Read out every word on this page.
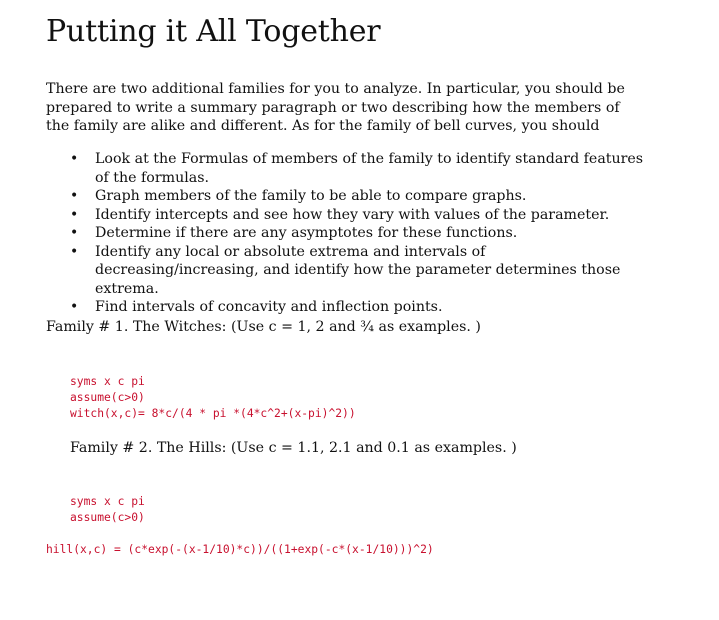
Putting it All Together

There are two additional families for you to analyze. In particular, you should be prepared to write a summary paragraph or two describing how the members of the family are alike and different. As for the family of bell curves, you should

• Look at the Formulas of members of the family to identify standard features of the formulas.
• Graph members of the family to be able to compare graphs.
• Identify intercepts and see how they vary with values of the parameter.
• Determine if there are any asymptotes for these functions.
• Identify any local or absolute extrema and intervals of decreasing/increasing, and identify how the parameter determines those extrema.
• Find intervals of concavity and inflection points.

Family # 1. The Witches: (Use c = 1, 2 and ¾ as examples. )

syms x c pi
assume(c>0)
witch(x,c)= 8*c/(4 * pi *(4*c^2+(x-pi)^2))

Family # 2. The Hills: (Use c = 1.1, 2.1 and 0.1 as examples. )

syms x c pi
assume(c>0)

hill(x,c) = (c*exp(-(x-1/10)*c))/((1+exp(-c*(x-1/10)))^2)
